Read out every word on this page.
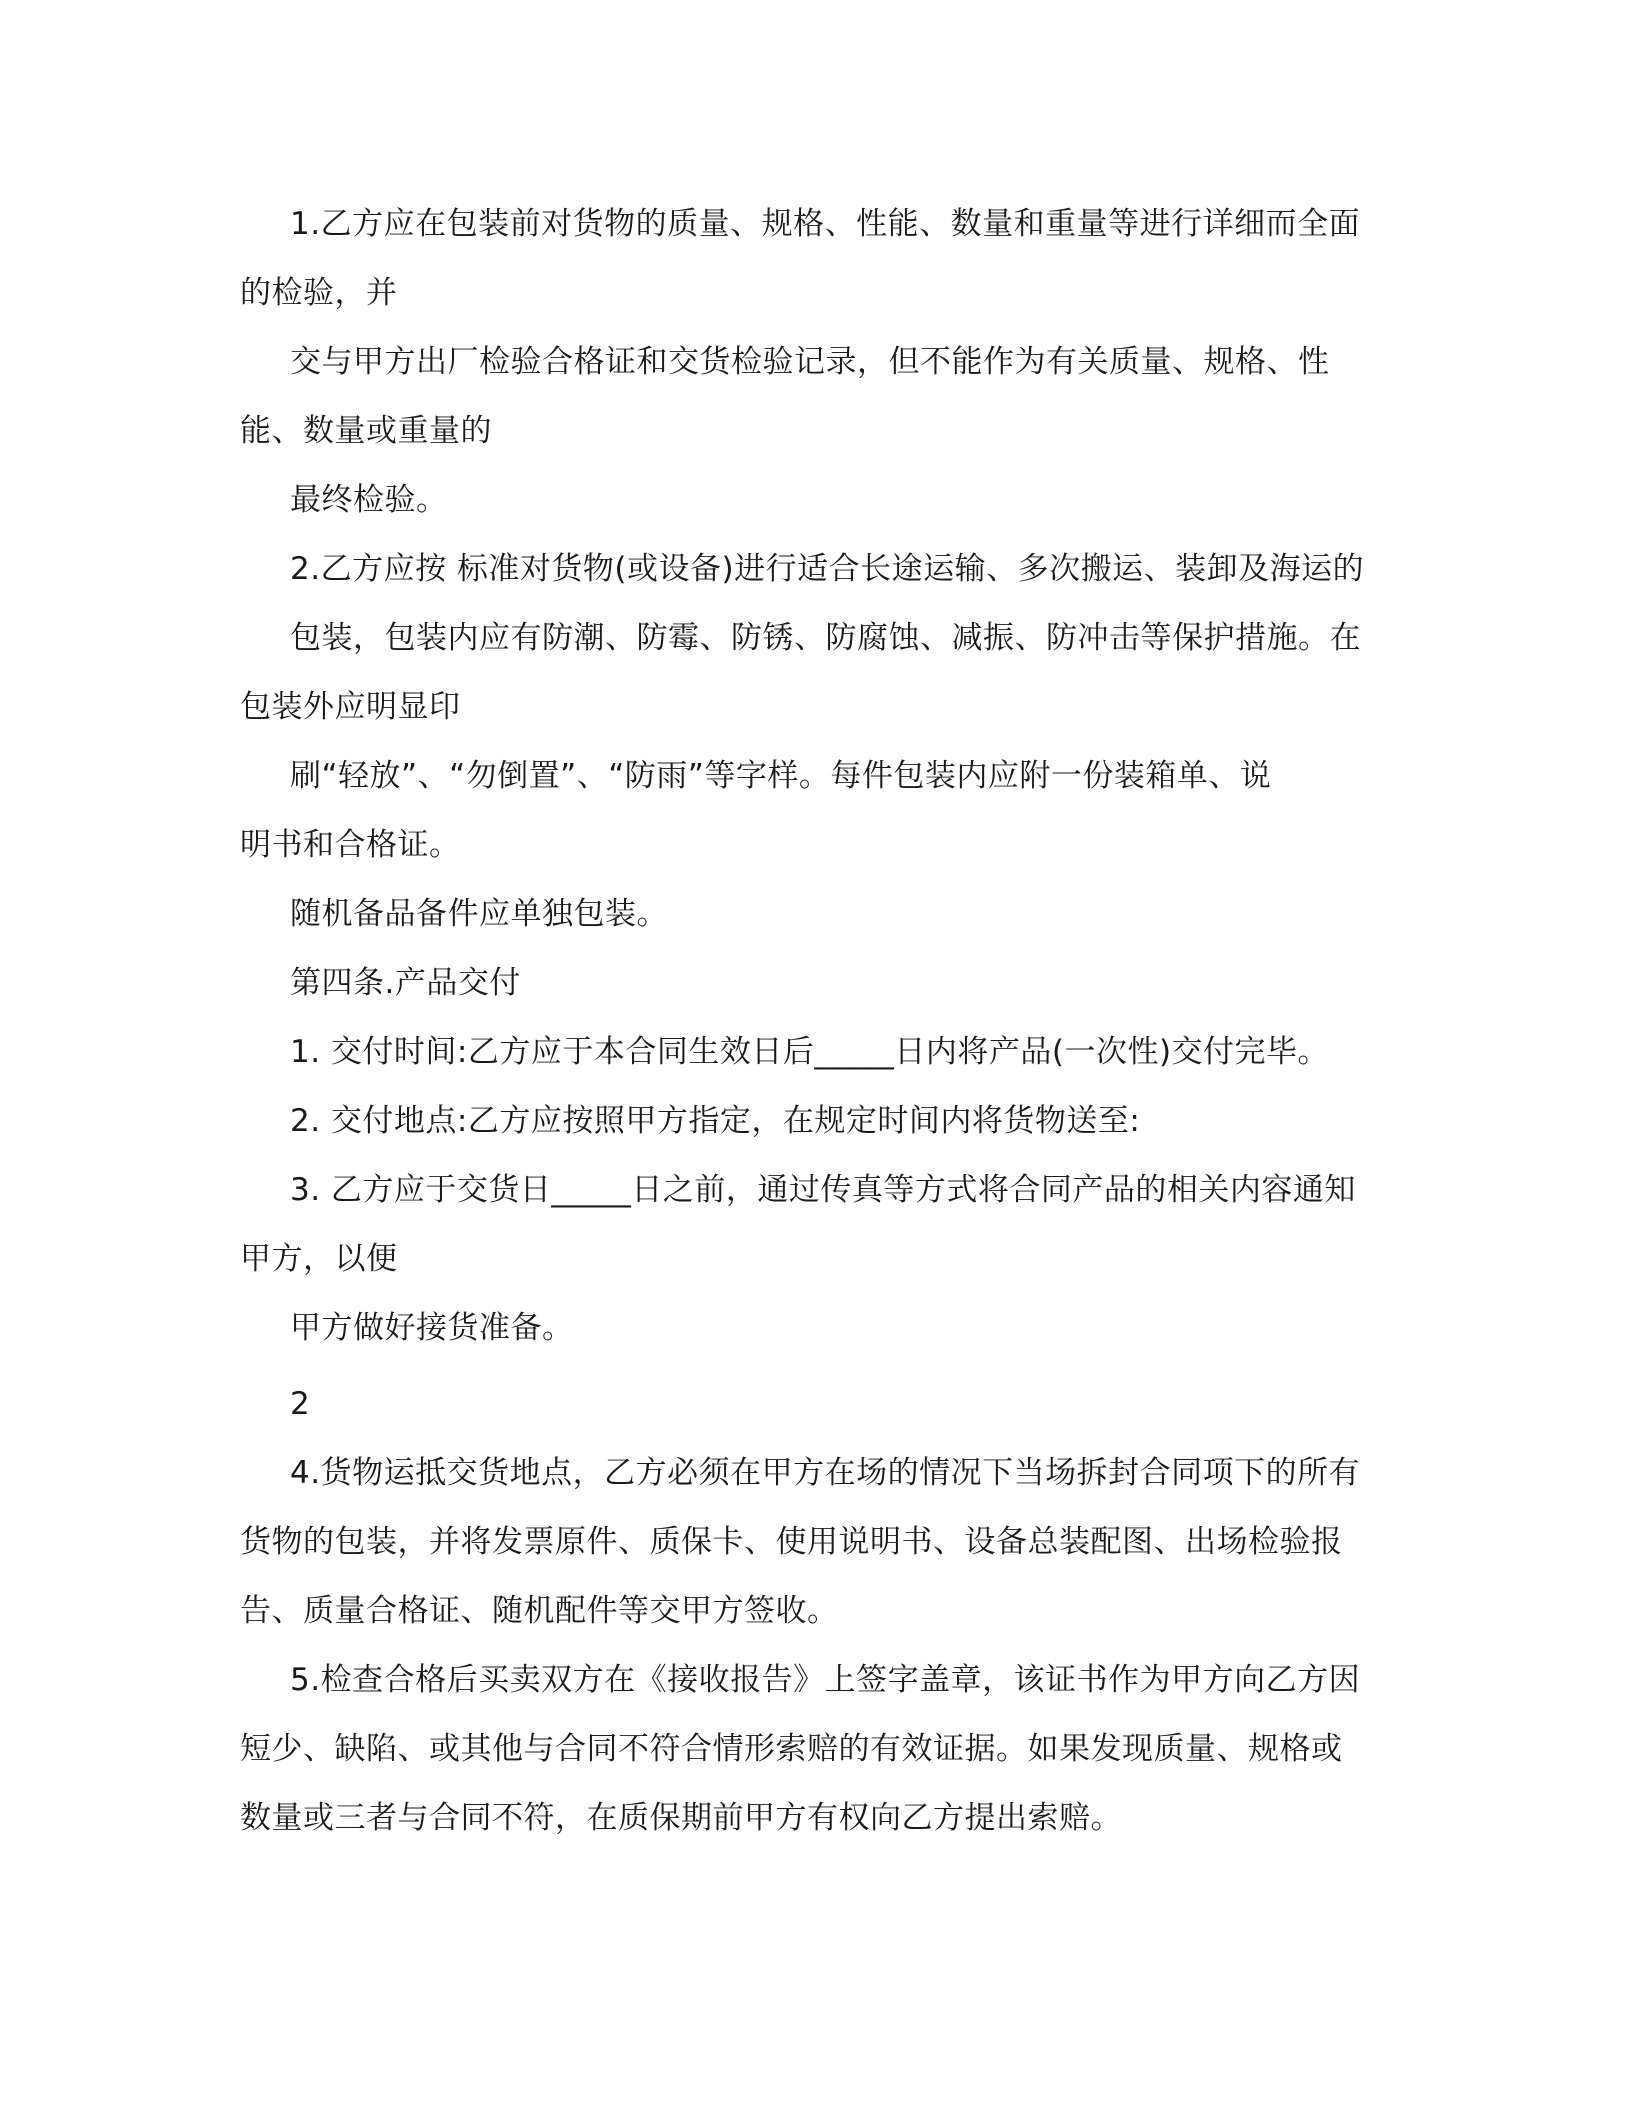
1.乙方应在包装前对货物的质量、规格、性能、数量和重量等进行详细而全面
的检验，并
交与甲方出厂检验合格证和交货检验记录，但不能作为有关质量、规格、性
能、数量或重量的
最终检验。
2.乙方应按 标准对货物(或设备)进行适合长途运输、多次搬运、装卸及海运的
包装，包装内应有防潮、防霉、防锈、防腐蚀、减振、防冲击等保护措施。在
包装外应明显印
刷“轻放”、“勿倒置”、“防雨”等字样。每件包装内应附一份装箱单、说
明书和合格证。
随机备品备件应单独包装。
第四条.产品交付
1. 交付时间:乙方应于本合同生效日后_____日内将产品(一次性)交付完毕。
2. 交付地点:乙方应按照甲方指定，在规定时间内将货物送至:
3. 乙方应于交货日_____日之前，通过传真等方式将合同产品的相关内容通知
甲方，以便
甲方做好接货准备。
2
4.货物运抵交货地点，乙方必须在甲方在场的情况下当场拆封合同项下的所有
货物的包装，并将发票原件、质保卡、使用说明书、设备总装配图、出场检验报
告、质量合格证、随机配件等交甲方签收。
5.检查合格后买卖双方在《接收报告》上签字盖章，该证书作为甲方向乙方因
短少、缺陷、或其他与合同不符合情形索赔的有效证据。如果发现质量、规格或
数量或三者与合同不符，在质保期前甲方有权向乙方提出索赔。
